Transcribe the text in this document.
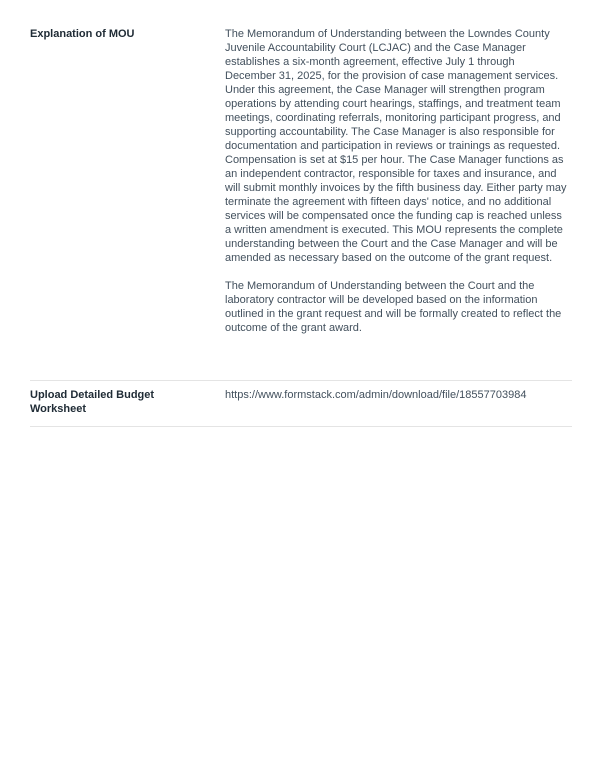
Explanation of MOU	The Memorandum of Understanding between the Lowndes County Juvenile Accountability Court (LCJAC) and the Case Manager establishes a six-month agreement, effective July 1 through December 31, 2025, for the provision of case management services. Under this agreement, the Case Manager will strengthen program operations by attending court hearings, staffings, and treatment team meetings, coordinating referrals, monitoring participant progress, and supporting accountability. The Case Manager is also responsible for documentation and participation in reviews or trainings as requested. Compensation is set at $15 per hour. The Case Manager functions as an independent contractor, responsible for taxes and insurance, and will submit monthly invoices by the fifth business day. Either party may terminate the agreement with fifteen days' notice, and no additional services will be compensated once the funding cap is reached unless a written amendment is executed. This MOU represents the complete understanding between the Court and the Case Manager and will be amended as necessary based on the outcome of the grant request.

The Memorandum of Understanding between the Court and the laboratory contractor will be developed based on the information outlined in the grant request and will be formally created to reflect the outcome of the grant award.

Upload Detailed Budget Worksheet
https://www.formstack.com/admin/download/file/18557703984
